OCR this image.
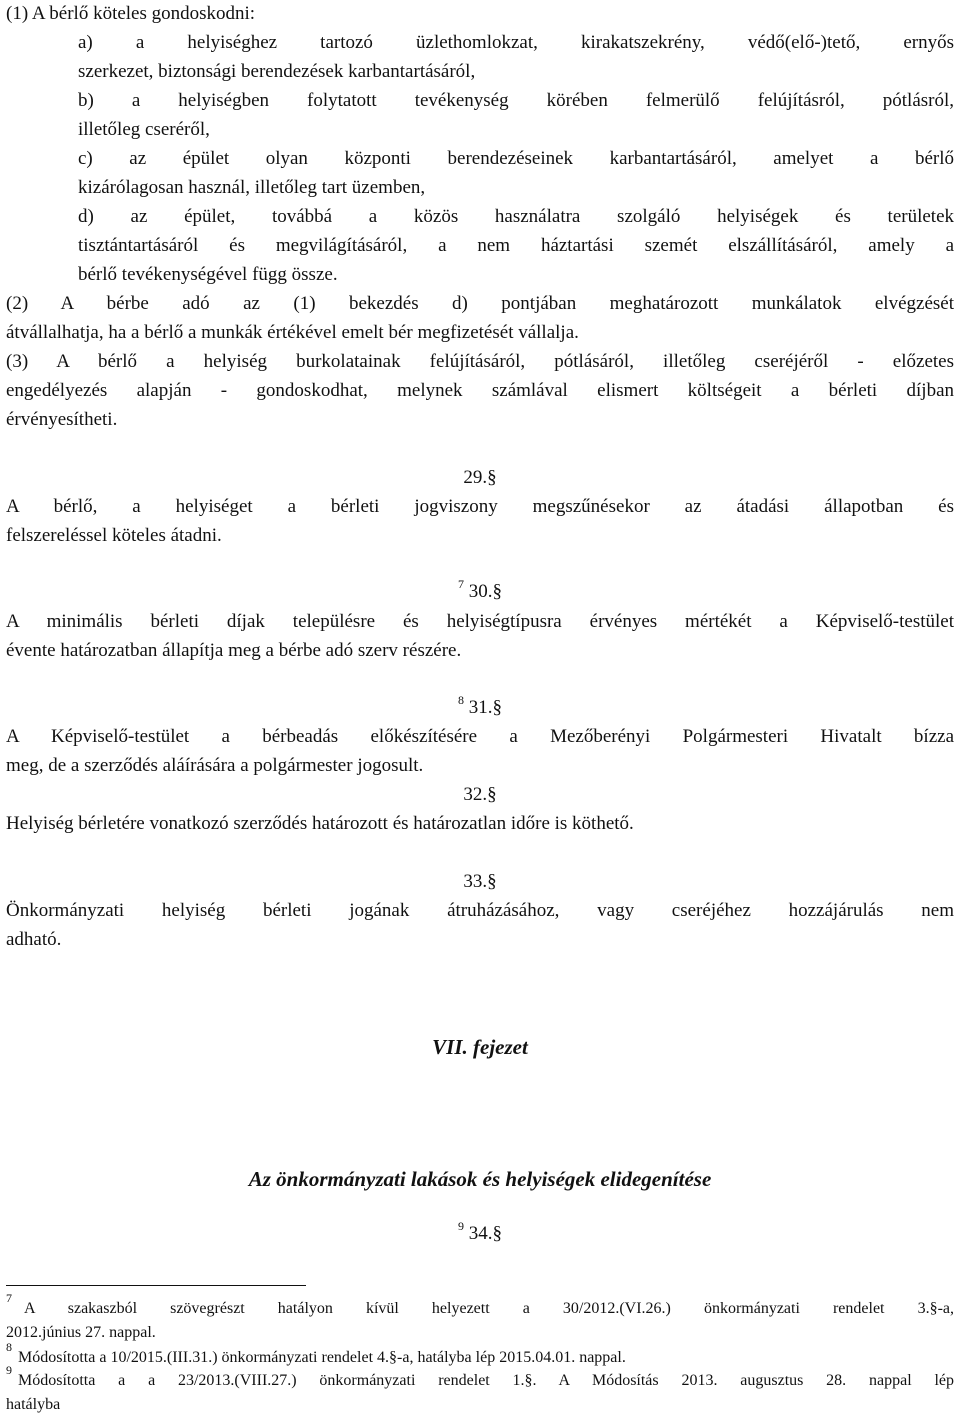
(1) A bérlő köteles gondoskodni:
a) a helyiséghez tartozó üzlethomlokzat, kirakatszekrény, védő(elő-)tető, ernyős
szerkezet, biztonsági berendezések karbantartásáról,
b) a helyiségben folytatott tevékenység körében felmerülő felújításról, pótlásról,
illetőleg cseréről,
c) az épület olyan központi berendezéseinek karbantartásáról, amelyet a bérlő
kizárólagosan használ, illetőleg tart üzemben,
d) az épület, továbbá a közös használatra szolgáló helyiségek és területek
tisztántartásáról és megvilágításáról, a nem háztartási szemét elszállításáról, amely a
bérlő tevékenységével függ össze.
(2) A bérbe adó az (1) bekezdés d) pontjában meghatározott munkálatok elvégzését
átvállalhatja, ha a bérlő a munkák értékével emelt bér megfizetését vállalja.
(3) A bérlő a helyiség burkolatainak felújításáról, pótlásáról, illetőleg cseréjéről - előzetes
engedélyezés alapján - gondoskodhat, melynek számlával elismert költségeit a bérleti díjban
érvényesítheti.
29.§
A bérlő, a helyiséget a bérleti jogviszony megszűnésekor az átadási állapotban és
felszereléssel köteles átadni.
$^7$ 30.§
A minimális bérleti díjak településre és helyiségtípusra érvényes mértékét a Képviselő-testület
évente határozatban állapítja meg a bérbe adó szerv részére.
$^8$ 31.§
A Képviselő-testület a bérbeadás előkészítésére a Mezőberényi Polgármesteri Hivatalt bízza
meg, de a szerződés aláírására a polgármester jogosult.
32.§
Helyiség bérletére vonatkozó szerződés határozott és határozatlan időre is köthető.
33.§
Önkormányzati helyiség bérleti jogának átruházásához, vagy cseréjéhez hozzájárulás nem
adható.
VII. fejezet
Az önkormányzati lakások és helyiségek elidegenítése
$^9$ 34.§
$^7$
A szakaszból szövegrészt hatályon kívül helyezett a 30/2012.(VI.26.) önkormányzati rendelet 3.§-a,
2012.június 27. nappal.
$^8$
Módosította a 10/2015.(III.31.) önkormányzati rendelet 4.§-a, hatályba lép 2015.04.01. nappal.
$^9$
Módosította a a 23/2013.(VIII.27.) önkormányzati rendelet 1.§. A Módosítás 2013. augusztus 28. nappal lép
hatályba
